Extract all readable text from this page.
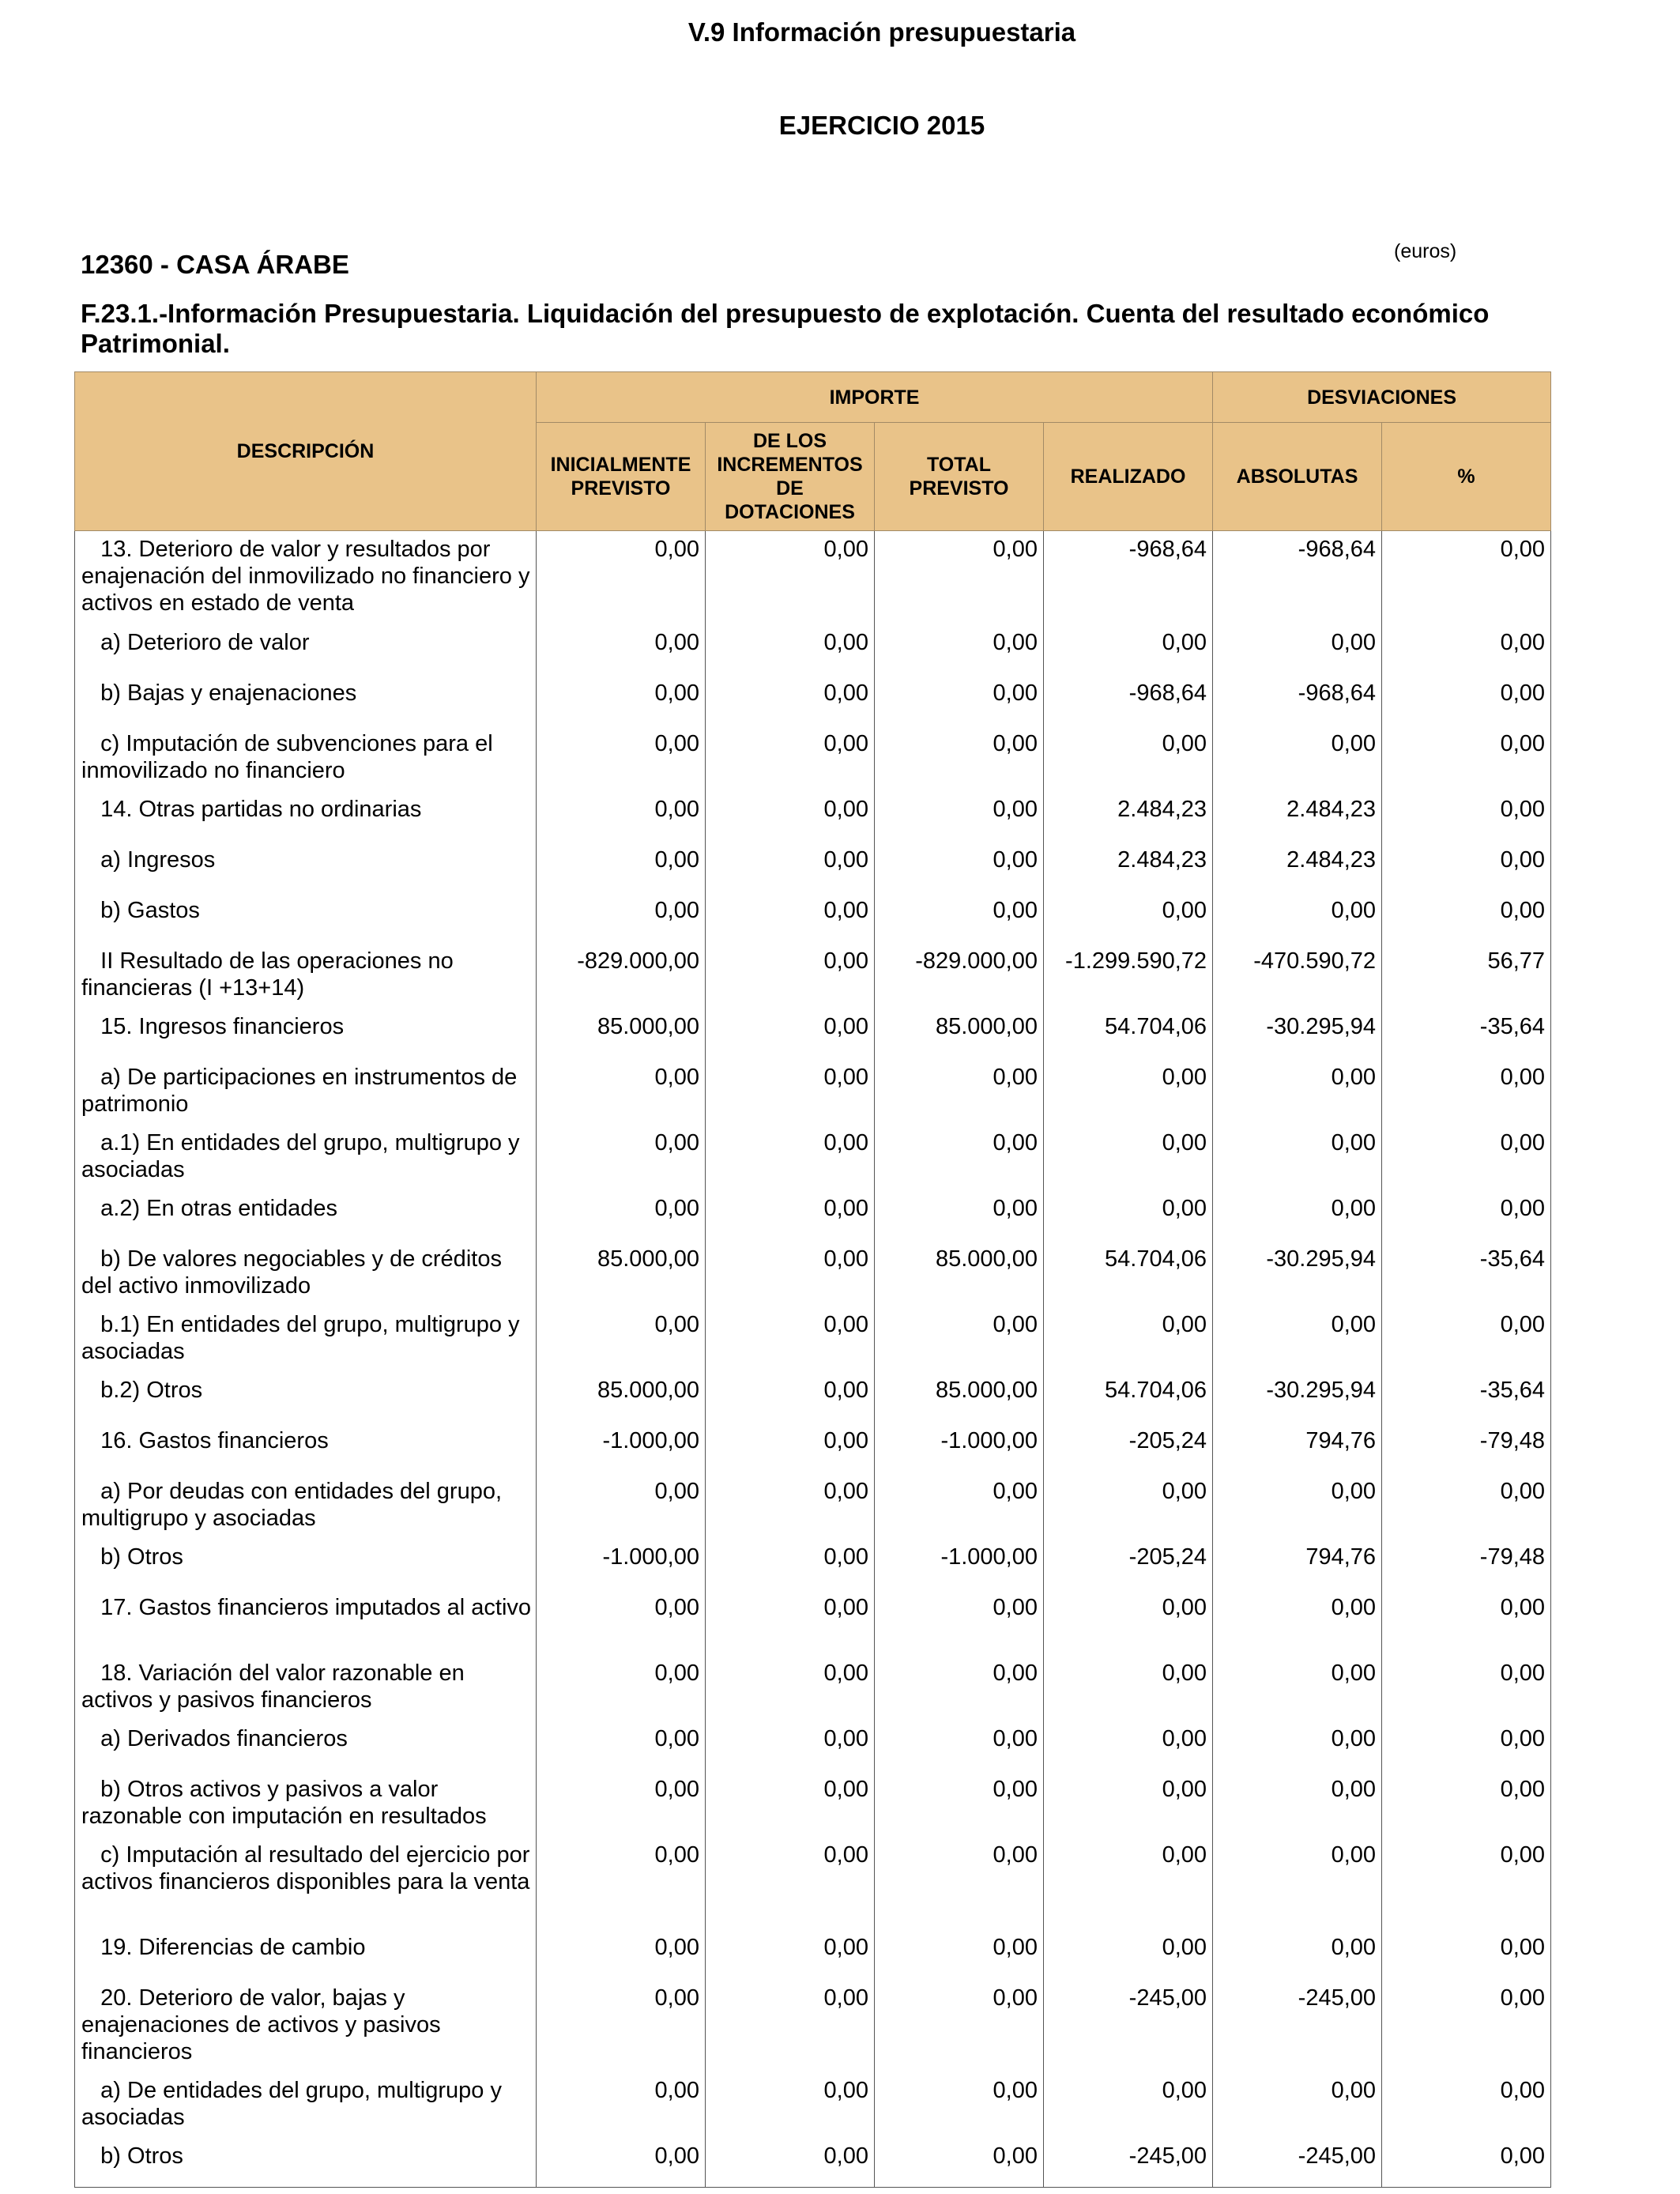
V.9 Información presupuestaria
EJERCICIO 2015
12360 - CASA ÁRABE	(euros)
F.23.1.-Información Presupuestaria. Liquidación del presupuesto de explotación. Cuenta del resultado económico Patrimonial.
DESCRIPCIÓN	IMPORTE				DESVIACIONES	
	INICIALMENTE PREVISTO	DE LOS INCREMENTOS DE DOTACIONES	TOTAL PREVISTO	REALIZADO	ABSOLUTAS	%
13. Deterioro de valor y resultados por enajenación del inmovilizado no financiero y activos en estado de venta	0,00	0,00	0,00	-968,64	-968,64	0,00
a) Deterioro de valor	0,00	0,00	0,00	0,00	0,00	0,00
b) Bajas y enajenaciones	0,00	0,00	0,00	-968,64	-968,64	0,00
c) Imputación de subvenciones para el inmovilizado no financiero	0,00	0,00	0,00	0,00	0,00	0,00
14. Otras partidas no ordinarias	0,00	0,00	0,00	2.484,23	2.484,23	0,00
a) Ingresos	0,00	0,00	0,00	2.484,23	2.484,23	0,00
b) Gastos	0,00	0,00	0,00	0,00	0,00	0,00
II Resultado de las operaciones no financieras (I +13+14)	-829.000,00	0,00	-829.000,00	-1.299.590,72	-470.590,72	56,77
15. Ingresos financieros	85.000,00	0,00	85.000,00	54.704,06	-30.295,94	-35,64
a) De participaciones en instrumentos de patrimonio	0,00	0,00	0,00	0,00	0,00	0,00
a.1) En entidades del grupo, multigrupo y asociadas	0,00	0,00	0,00	0,00	0,00	0,00
a.2) En otras entidades	0,00	0,00	0,00	0,00	0,00	0,00
b) De valores negociables y de créditos del activo inmovilizado	85.000,00	0,00	85.000,00	54.704,06	-30.295,94	-35,64
b.1) En entidades del grupo, multigrupo y asociadas	0,00	0,00	0,00	0,00	0,00	0,00
b.2) Otros	85.000,00	0,00	85.000,00	54.704,06	-30.295,94	-35,64
16. Gastos financieros	-1.000,00	0,00	-1.000,00	-205,24	794,76	-79,48
a) Por deudas con entidades del grupo, multigrupo y asociadas	0,00	0,00	0,00	0,00	0,00	0,00
b) Otros	-1.000,00	0,00	-1.000,00	-205,24	794,76	-79,48
17. Gastos financieros imputados al activo	0,00	0,00	0,00	0,00	0,00	0,00
18. Variación del valor razonable en activos y pasivos financieros	0,00	0,00	0,00	0,00	0,00	0,00
a) Derivados financieros	0,00	0,00	0,00	0,00	0,00	0,00
b) Otros activos y pasivos a valor razonable con imputación en resultados	0,00	0,00	0,00	0,00	0,00	0,00
c) Imputación al resultado del ejercicio por activos financieros disponibles para la venta	0,00	0,00	0,00	0,00	0,00	0,00
19. Diferencias de cambio	0,00	0,00	0,00	0,00	0,00	0,00
20. Deterioro de valor, bajas y enajenaciones de activos y pasivos financieros	0,00	0,00	0,00	-245,00	-245,00	0,00
a) De entidades del grupo, multigrupo y asociadas	0,00	0,00	0,00	0,00	0,00	0,00
b) Otros	0,00	0,00	0,00	-245,00	-245,00	0,00
